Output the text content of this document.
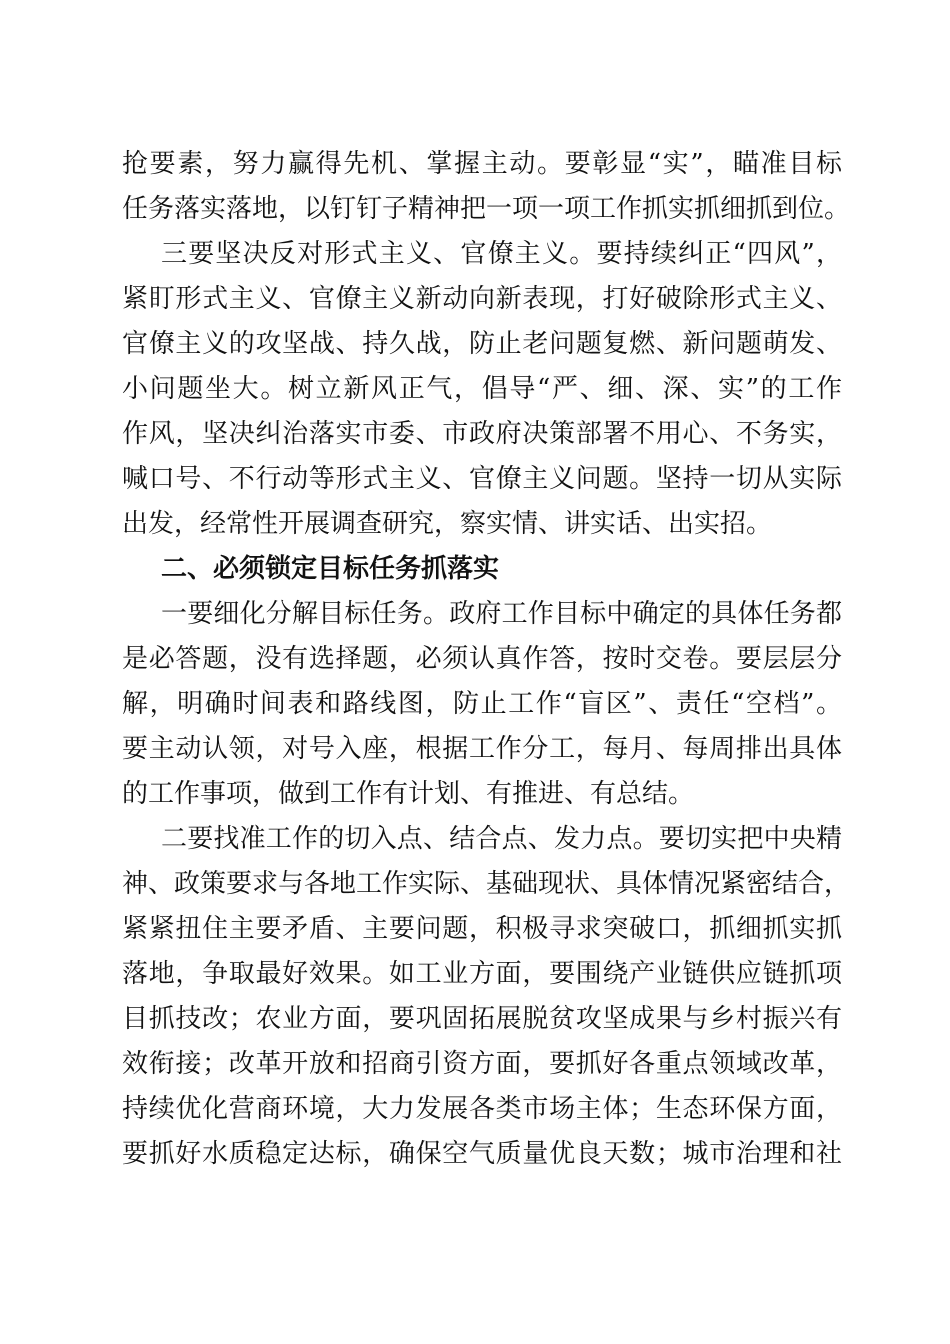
抢要素，努力赢得先机、掌握主动。要彰显“实”，瞄准目标
任务落实落地，以钉钉子精神把一项一项工作抓实抓细抓到位。
三要坚决反对形式主义、官僚主义。要持续纠正“四风”，
紧盯形式主义、官僚主义新动向新表现，打好破除形式主义、
官僚主义的攻坚战、持久战，防止老问题复燃、新问题萌发、
小问题坐大。树立新风正气，倡导“严、细、深、实”的工作
作风，坚决纠治落实市委、市政府决策部署不用心、不务实，
喊口号、不行动等形式主义、官僚主义问题。坚持一切从实际
出发，经常性开展调查研究，察实情、讲实话、出实招。
二、必须锁定目标任务抓落实
一要细化分解目标任务。政府工作目标中确定的具体任务都
是必答题，没有选择题，必须认真作答，按时交卷。要层层分
解，明确时间表和路线图，防止工作“盲区”、责任“空档”。
要主动认领，对号入座，根据工作分工，每月、每周排出具体
的工作事项，做到工作有计划、有推进、有总结。
二要找准工作的切入点、结合点、发力点。要切实把中央精
神、政策要求与各地工作实际、基础现状、具体情况紧密结合，
紧紧扭住主要矛盾、主要问题，积极寻求突破口，抓细抓实抓
落地，争取最好效果。如工业方面，要围绕产业链供应链抓项
目抓技改；农业方面，要巩固拓展脱贫攻坚成果与乡村振兴有
效衔接；改革开放和招商引资方面，要抓好各重点领域改革，
持续优化营商环境，大力发展各类市场主体；生态环保方面，
要抓好水质稳定达标，确保空气质量优良天数；城市治理和社
